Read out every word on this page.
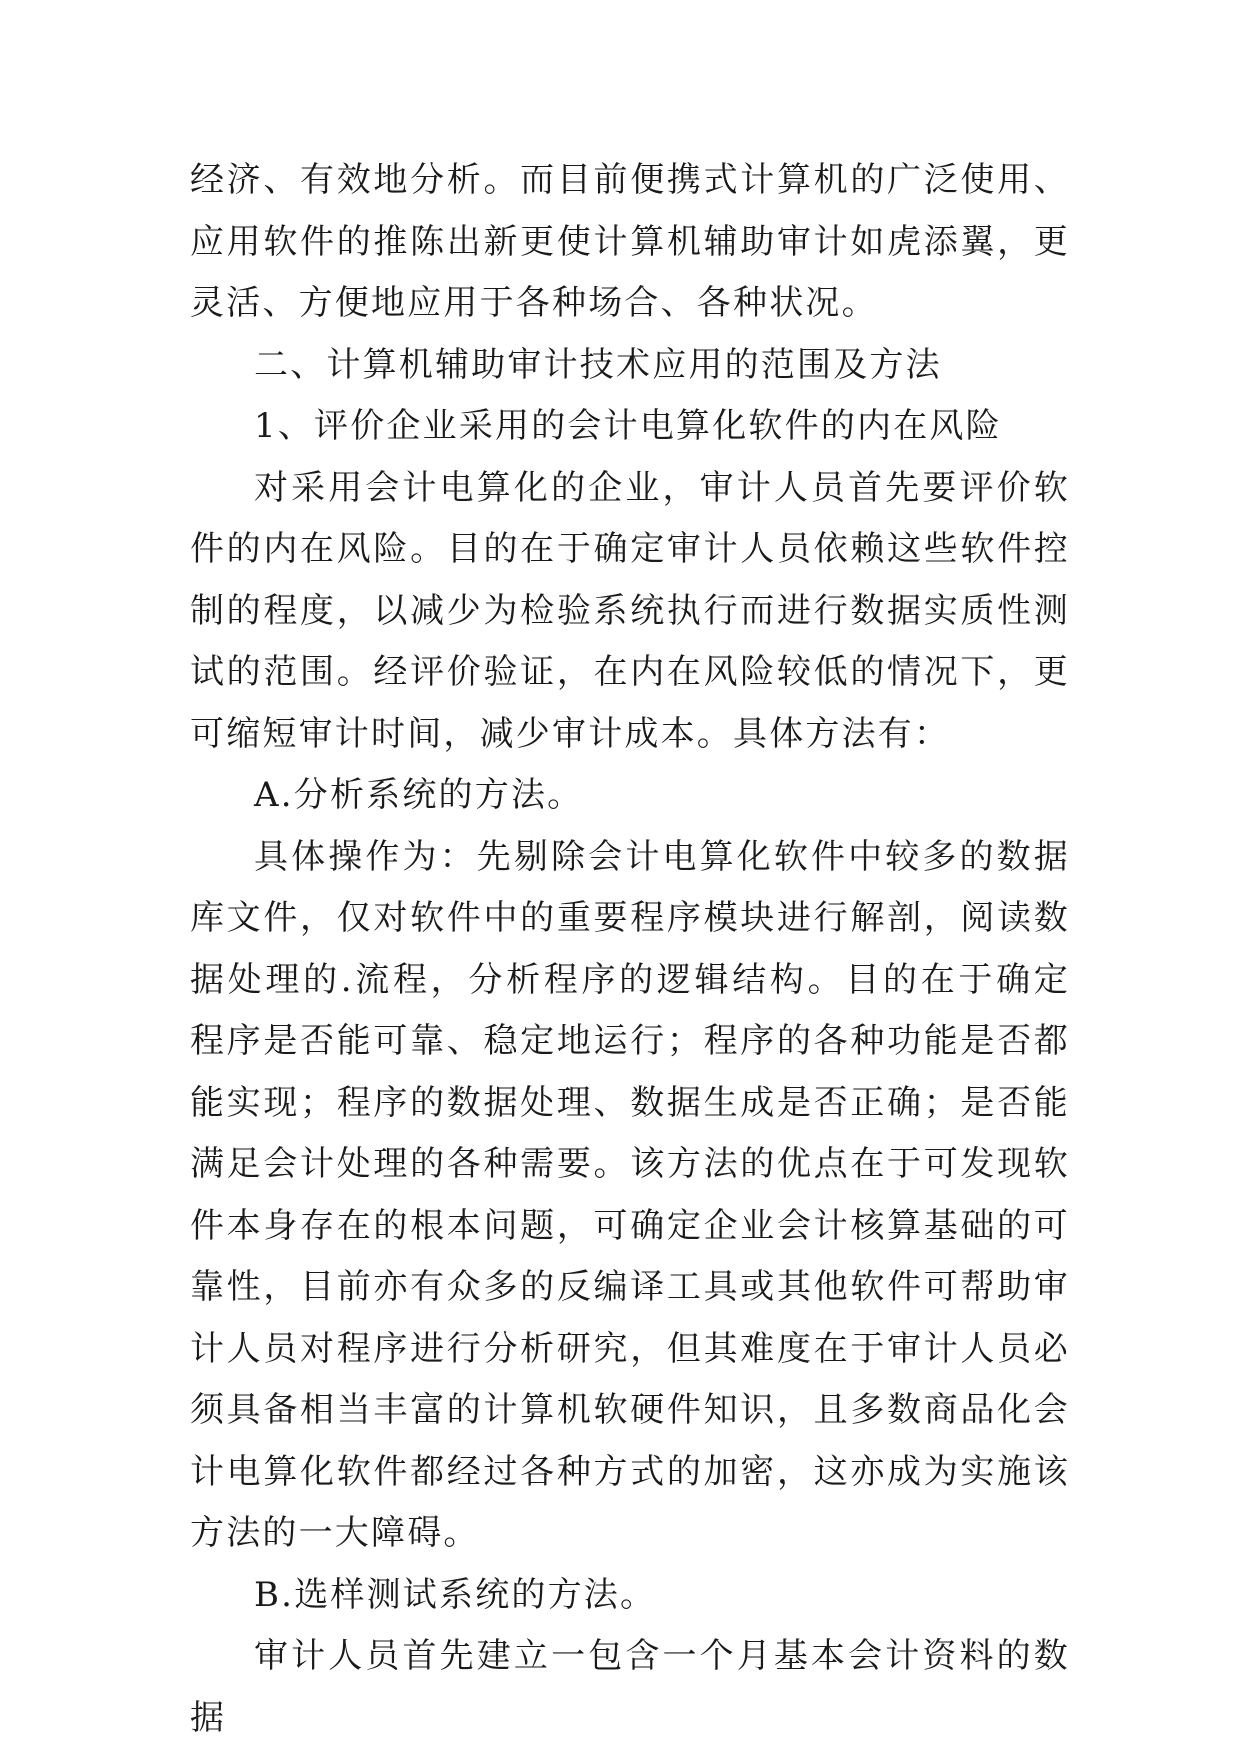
经济、有效地分析。而目前便携式计算机的广泛使用、应用软件的推陈出新更使计算机辅助审计如虎添翼，更灵活、方便地应用于各种场合、各种状况。

二、计算机辅助审计技术应用的范围及方法

1、评价企业采用的会计电算化软件的内在风险

对采用会计电算化的企业，审计人员首先要评价软件的内在风险。目的在于确定审计人员依赖这些软件控制的程度，以减少为检验系统执行而进行数据实质性测试的范围。经评价验证，在内在风险较低的情况下，更可缩短审计时间，减少审计成本。具体方法有：

A.分析系统的方法。

具体操作为：先剔除会计电算化软件中较多的数据库文件，仅对软件中的重要程序模块进行解剖，阅读数据处理的.流程，分析程序的逻辑结构。目的在于确定程序是否能可靠、稳定地运行；程序的各种功能是否都能实现；程序的数据处理、数据生成是否正确；是否能满足会计处理的各种需要。该方法的优点在于可发现软件本身存在的根本问题，可确定企业会计核算基础的可靠性，目前亦有众多的反编译工具或其他软件可帮助审计人员对程序进行分析研究，但其难度在于审计人员必须具备相当丰富的计算机软硬件知识，且多数商品化会计电算化软件都经过各种方式的加密，这亦成为实施该方法的一大障碍。

B.选样测试系统的方法。

审计人员首先建立一包含一个月基本会计资料的数据
